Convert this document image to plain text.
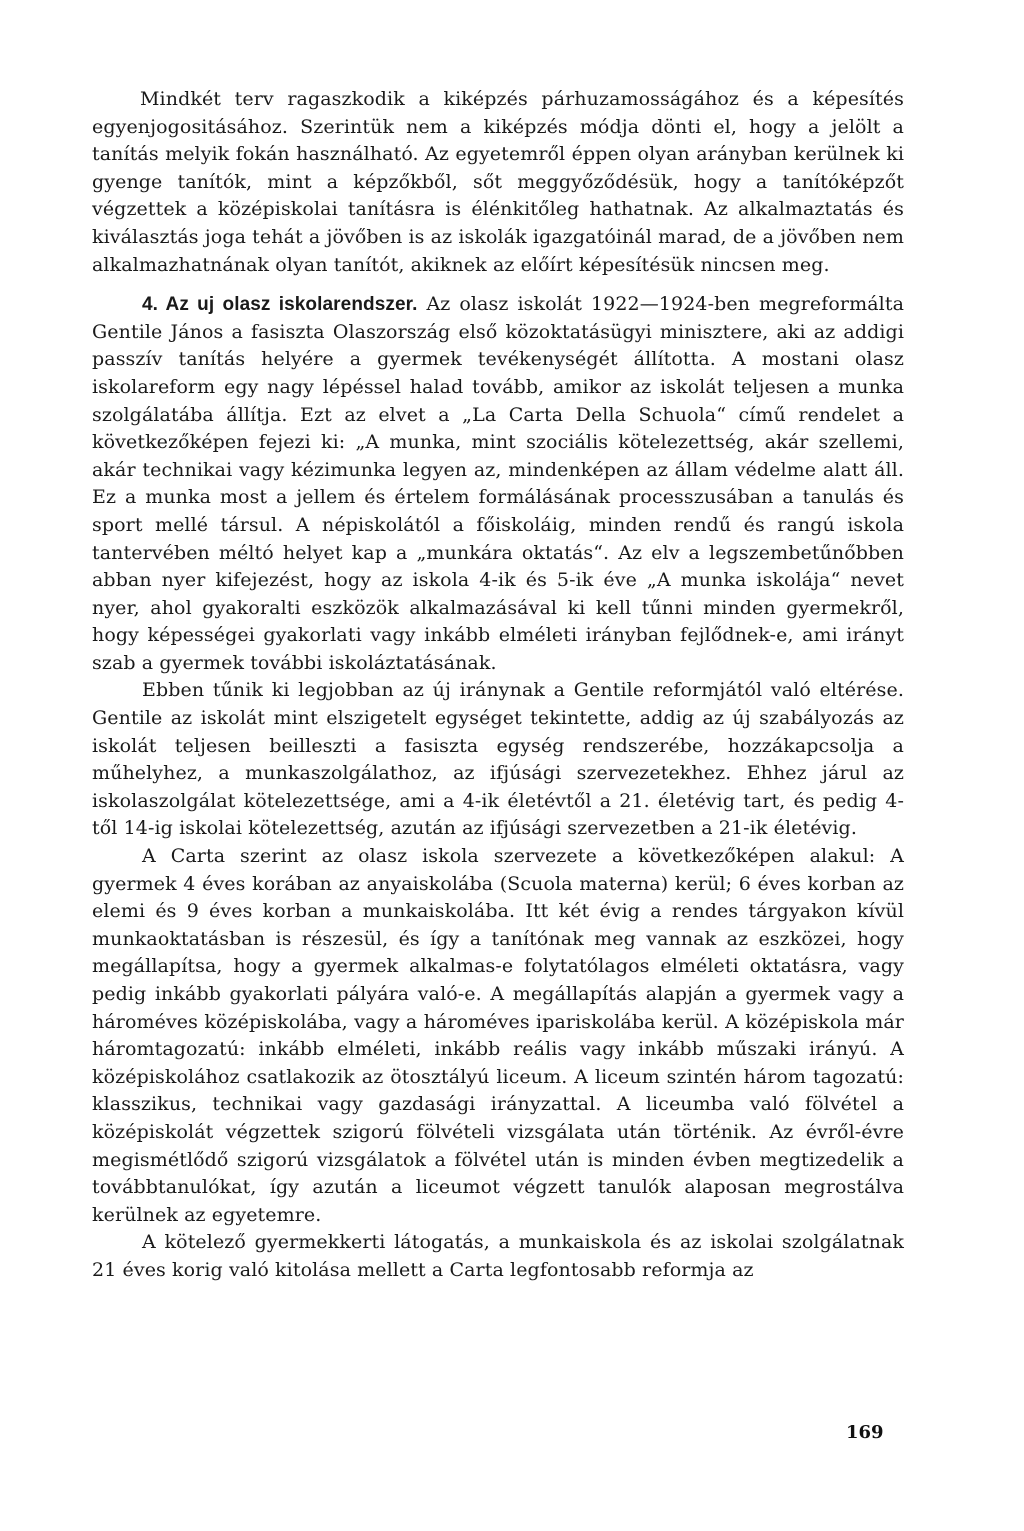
Mindkét terv ragaszkodik a kiképzés párhuzamosságához és a képesítés egyenjogositásához. Szerintük nem a kiképzés módja dönti el, hogy a jelölt a tanítás melyik fokán használható. Az egyetemről éppen olyan arányban kerülnek ki gyenge tanítók, mint a képzőkből, sőt meggyőződésük, hogy a tanítóképzőt végzettek a középiskolai tanításra is élénkitőleg hathatnak. Az alkalmaztatás és kiválasztás joga tehát a jövőben is az iskolák igazgatóinál marad, de a jövőben nem alkalmazhatnának olyan tanítót, akiknek az előírt képesítésük nincsen meg.

4. Az uj olasz iskolarendszer. Az olasz iskolát 1922—1924-ben megreformálta Gentile János a fasiszta Olaszország első közoktatásügyi minisztere, aki az addigi passzív tanítás helyére a gyermek tevékenységét állította. A mostani olasz iskolareform egy nagy lépéssel halad tovább, amikor az iskolát teljesen a munka szolgálatába állítja. Ezt az elvet a „La Carta Della Schuola“ című rendelet a következőképen fejezi ki: „A munka, mint szociális kötelezettség, akár szellemi, akár technikai vagy kézimunka legyen az, mindenképen az állam védelme alatt áll. Ez a munka most a jellem és értelem formálásának processzusában a tanulás és sport mellé társul. A népiskolától a főiskoláig, minden rendű és rangú iskola tantervében méltó helyet kap a „munkára oktatás“. Az elv a legszembetűnőbben abban nyer kifejezést, hogy az iskola 4-ik és 5-ik éve „A munka iskolája“ nevet nyer, ahol gyakoralti eszközök alkalmazásával ki kell tűnni minden gyermekről, hogy képességei gyakorlati vagy inkább elméleti irányban fejlődnek-e, ami irányt szab a gyermek további iskoláztatásának.

Ebben tűnik ki legjobban az új iránynak a Gentile reformjától való eltérése. Gentile az iskolát mint elszigetelt egységet tekintette, addig az új szabályozás az iskolát teljesen beilleszti a fasiszta egység rendszerébe, hozzákapcsolja a műhelyhez, a munkaszolgálathoz, az ifjúsági szervezetekhez. Ehhez járul az iskolaszolgálat kötelezettsége, ami a 4-ik életévtől a 21. életévig tart, és pedig 4-től 14-ig iskolai kötelezettség, azután az ifjúsági szervezetben a 21-ik életévig.

A Carta szerint az olasz iskola szervezete a következőképen alakul: A gyermek 4 éves korában az anyaiskolába (Scuola materna) kerül; 6 éves korban az elemi és 9 éves korban a munkaiskolába. Itt két évig a rendes tárgyakon kívül munkaoktatásban is részesül, és így a tanítónak meg vannak az eszközei, hogy megállapítsa, hogy a gyermek alkalmas-e folytatólagos elméleti oktatásra, vagy pedig inkább gyakorlati pályára való-e. A megállapítás alapján a gyermek vagy a hároméves középiskolába, vagy a hároméves ipariskolába kerül. A középiskola már háromtagozatú: inkább elméleti, inkább reális vagy inkább műszaki irányú. A középiskolához csatlakozik az ötosztályú liceum. A liceum szintén három tagozatú: klasszikus, technikai vagy gazdasági irányzattal. A liceumba való fölvétel a középiskolát végzettek szigorú fölvételi vizsgálata után történik. Az évről-évre megismétlődő szigorú vizsgálatok a fölvétel után is minden évben megtizedelik a továbbtanulókat, így azután a liceumot végzett tanulók alaposan megrostálva kerülnek az egyetemre.

A kötelező gyermekkerti látogatás, a munkaiskola és az iskolai szolgálatnak 21 éves korig való kitolása mellett a Carta legfontosabb reformja az

169
